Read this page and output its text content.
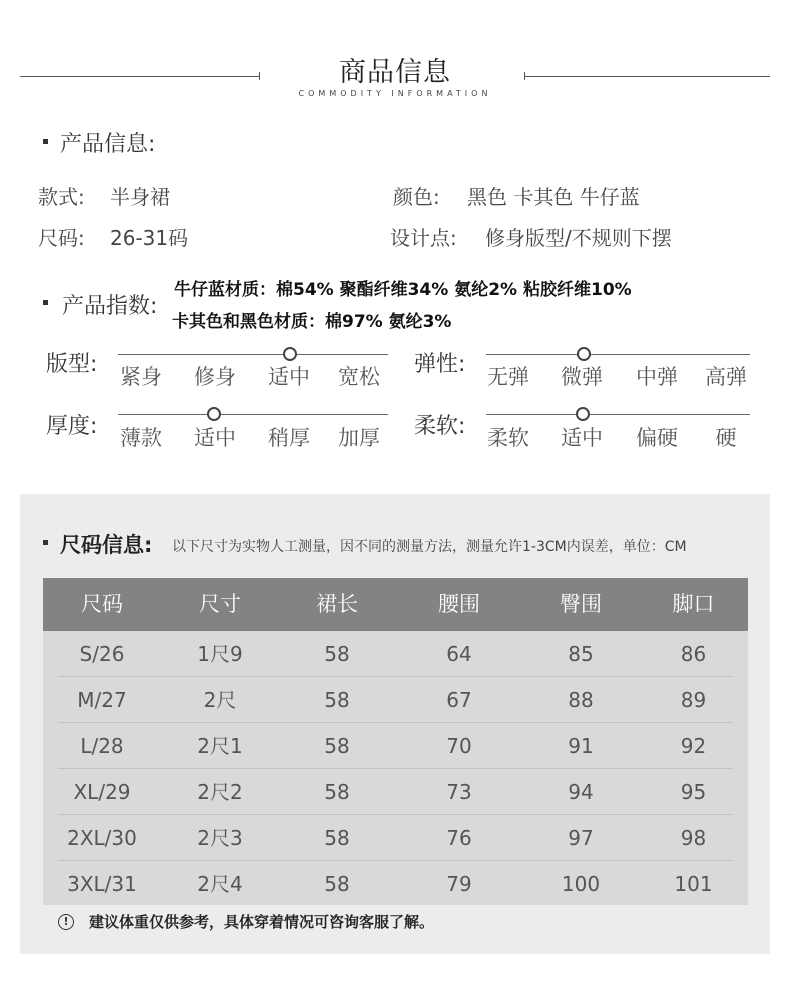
商品信息
COMMODITY INFORMATION
产品信息:
款式: 半身裙	颜色: 黑色 卡其色 牛仔蓝
尺码: 26-31码	设计点: 修身版型/不规则下摆
产品指数:
牛仔蓝材质：棉54% 聚酯纤维34% 氨纶2% 粘胶纤维10%
卡其色和黑色材质：棉97% 氨纶3%
版型:	紧身	修身	适中	宽松	弹性:	无弹	微弹	中弹	高弹
厚度:	薄款	适中	稍厚	加厚	柔软:	柔软	适中	偏硬	硬
尺码信息: 以下尺寸为实物人工测量，因不同的测量方法，测量允许1-3CM内误差，单位：CM
尺码	尺寸	裙长	腰围	臀围	脚口
S/26	1尺9	58	64	85	86
M/27	2尺	58	67	88	89
L/28	2尺1	58	70	91	92
XL/29	2尺2	58	73	94	95
2XL/30	2尺3	58	76	97	98
3XL/31	2尺4	58	79	100	101
!	建议体重仅供参考，具体穿着情况可咨询客服了解。
